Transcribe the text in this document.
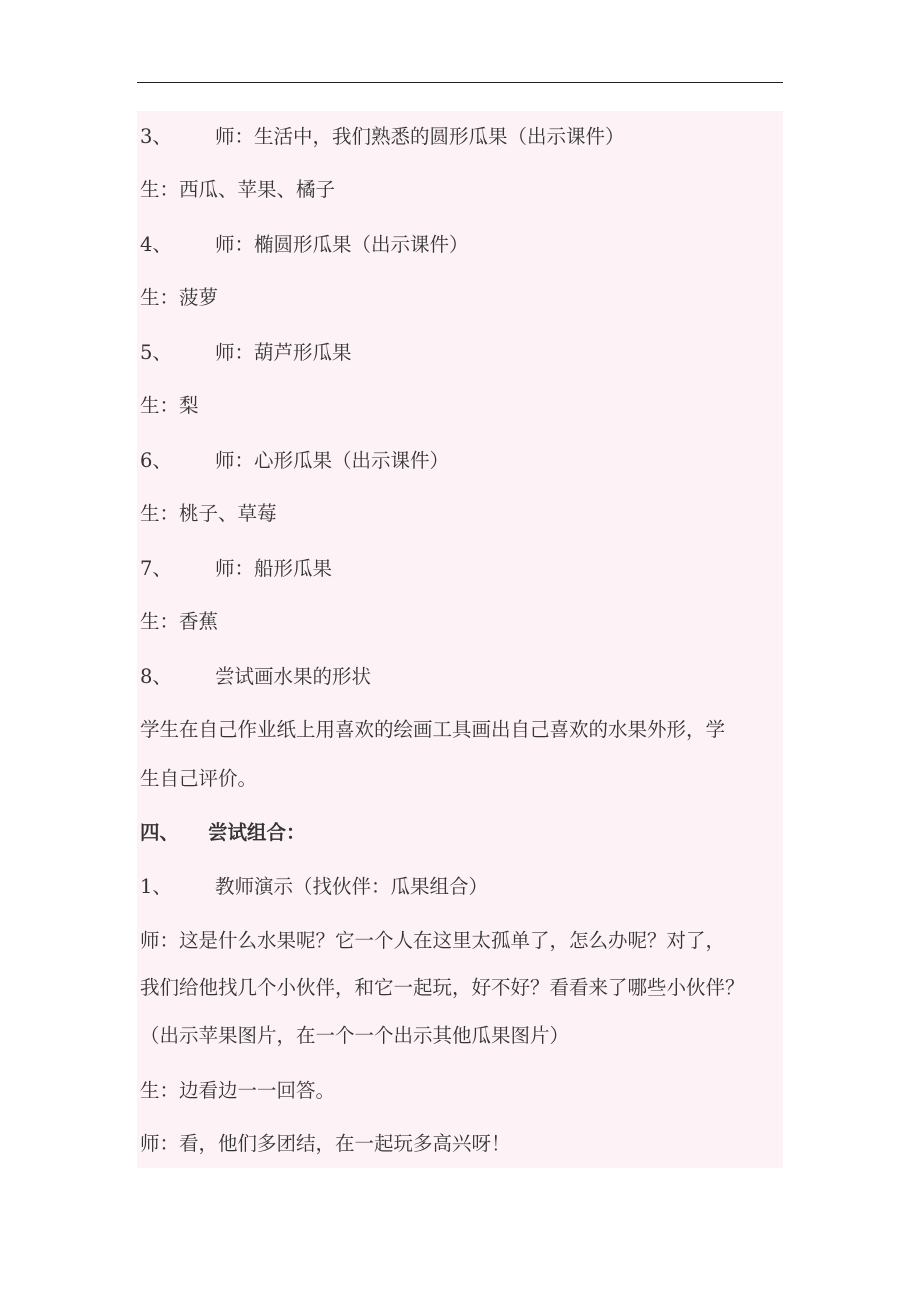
3、 师：生活中，我们熟悉的圆形瓜果（出示课件）
生：西瓜、苹果、橘子
4、 师：椭圆形瓜果（出示课件）
生：菠萝
5、 师：葫芦形瓜果
生：梨
6、 师：心形瓜果（出示课件）
生：桃子、草莓
7、 师：船形瓜果
生：香蕉
8、 尝试画水果的形状
学生在自己作业纸上用喜欢的绘画工具画出自己喜欢的水果外形，学
生自己评价。
四、 尝试组合：
1、 教师演示（找伙伴：瓜果组合）
师：这是什么水果呢？它一个人在这里太孤单了，怎么办呢？对了，
我们给他找几个小伙伴，和它一起玩，好不好？看看来了哪些小伙伴？
（出示苹果图片，在一个一个出示其他瓜果图片）
生：边看边一一回答。
师：看，他们多团结，在一起玩多高兴呀！
